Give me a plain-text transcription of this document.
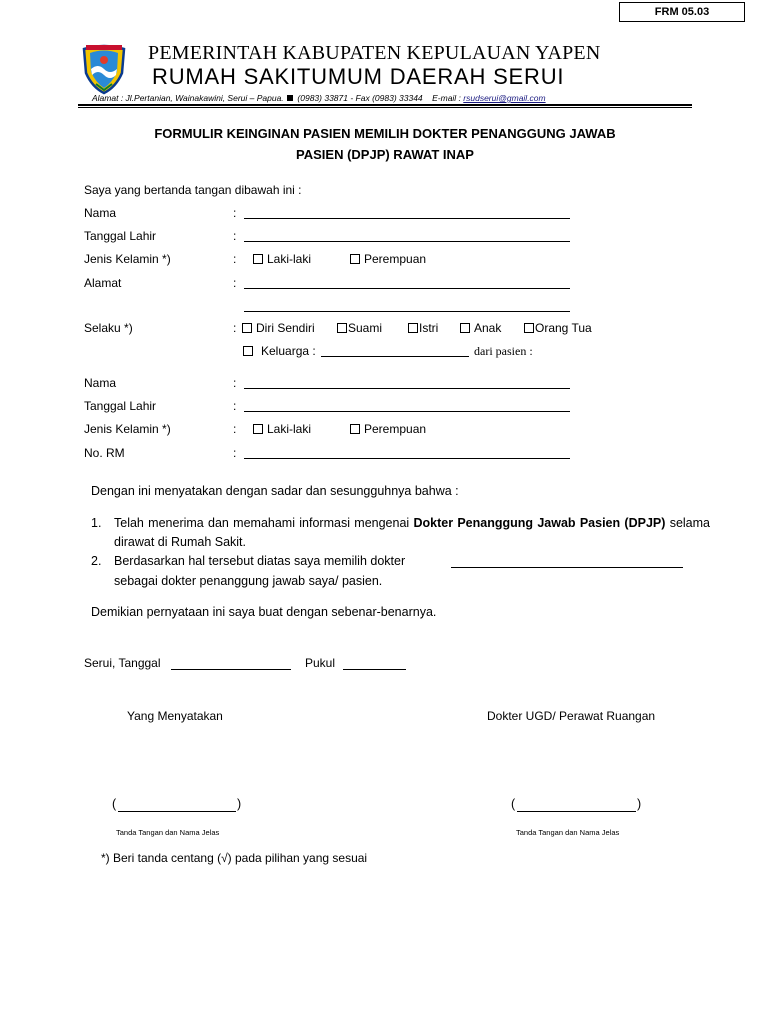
FRM 05.03
PEMERINTAH KABUPATEN KEPULAUAN YAPEN
RUMAH SAKITUMUM DAERAH SERUI
Alamat : Jl.Pertanian, Wainakawini, Serui – Papua. (0983) 33871 - Fax (0983) 33344 E-mail : rsudserui@gmail.com
FORMULIR KEINGINAN PASIEN MEMILIH DOKTER PENANGGUNG JAWAB
PASIEN (DPJP) RAWAT INAP
Saya yang bertanda tangan dibawah ini :
Nama	:
Tanggal Lahir	:
Jenis Kelamin *)	:	Laki-laki	Perempuan
Alamat	:
Selaku *)	:	Diri Sendiri	Suami	Istri	Anak	Orang Tua
Keluarga :	dari pasien :
Nama	:
Tanggal Lahir	:
Jenis Kelamin *)	:	Laki-laki	Perempuan
No. RM	:
Dengan ini menyatakan dengan sadar dan sesungguhnya bahwa :
1. Telah menerima dan memahami informasi mengenai Dokter Penanggung Jawab Pasien (DPJP) selama dirawat di Rumah Sakit.
2. Berdasarkan hal tersebut diatas saya memilih dokter
sebagai dokter penanggung jawab saya/ pasien.
Demikian pernyataan ini saya buat dengan sebenar-benarnya.
Serui, Tanggal	Pukul
Yang Menyatakan	Dokter UGD/ Perawat Ruangan
(	)
Tanda Tangan dan Nama Jelas
(	)
Tanda Tangan dan Nama Jelas
*) Beri tanda centang (√) pada pilihan yang sesuai
